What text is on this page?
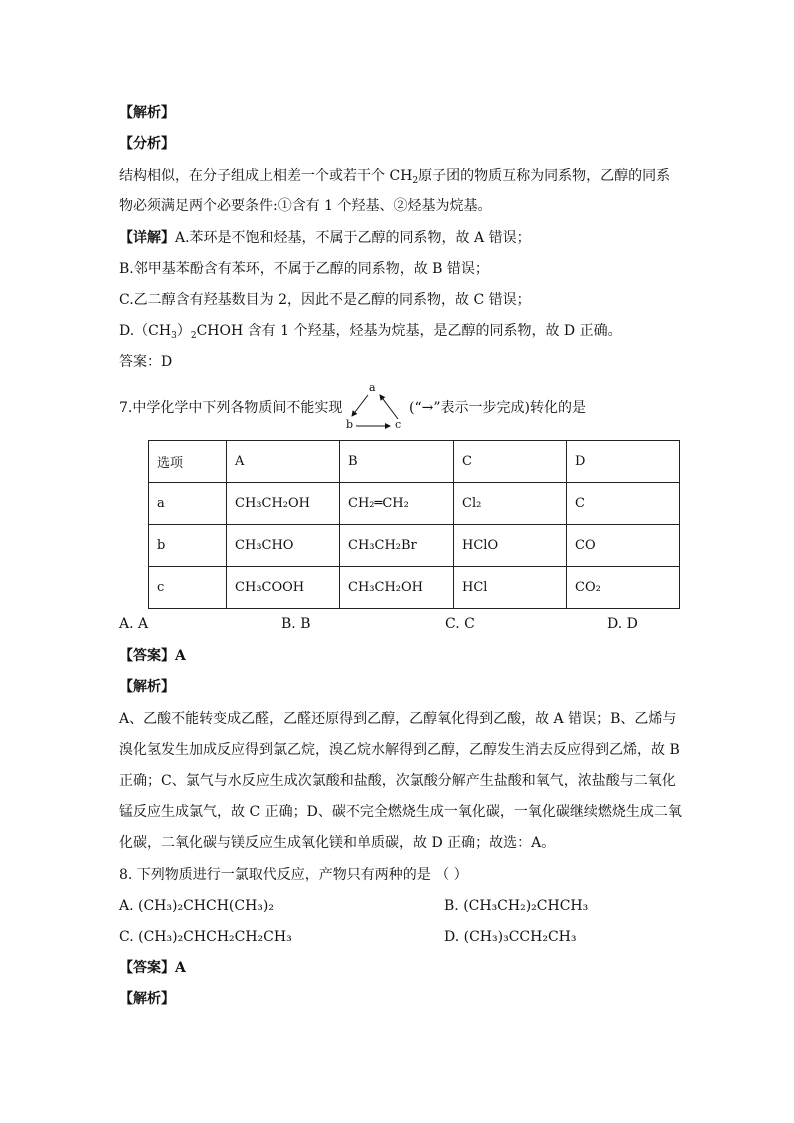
【解析】
【分析】
结构相似，在分子组成上相差一个或若干个 $CH_2$原子团的物质互称为同系物，乙醇的同系
物必须满足两个必要条件:①含有 1 个羟基、②烃基为烷基。
【详解】A.苯环是不饱和烃基，不属于乙醇的同系物，故 A 错误；
B.邻甲基苯酚含有苯环，不属于乙醇的同系物，故 B 错误；
C.乙二醇含有羟基数目为 2，因此不是乙醇的同系物，故 C 错误；
$D.(CH_3)_2CHOH$ 含有 1 个羟基，烃基为烷基，是乙醇的同系物，故 D 正确。
答案：D
7.中学化学中下列各物质间不能实现
a
b	c
(“→”表示一步完成)转化的是
选项	A	B	C	D
a	CH₃CH₂OH	CH₂═CH₂	Cl₂	C
b	CH₃CHO	CH₃CH₂Br	HClO	CO
c	CH₃COOH	CH₃CH₂OH	HCl	CO₂
A. A	B. B	C. C	D. D
【答案】A
【解析】
A、乙酸不能转变成乙醛，乙醛还原得到乙醇，乙醇氧化得到乙酸，故 A 错误；B、乙烯与
溴化氢发生加成反应得到氯乙烷，溴乙烷水解得到乙醇，乙醇发生消去反应得到乙烯，故 B
正确；C、氯气与水反应生成次氯酸和盐酸，次氯酸分解产生盐酸和氧气，浓盐酸与二氧化
锰反应生成氯气，故 C 正确；D、碳不完全燃烧生成一氧化碳，一氧化碳继续燃烧生成二氧
化碳，二氧化碳与镁反应生成氧化镁和单质碳，故 D 正确；故选：A。
8. 下列物质进行一氯取代反应，产物只有两种的是 （ ）
A. (CH₃)₂CHCH(CH₃)₂	B. (CH₃CH₂)₂CHCH₃
C. (CH₃)₂CHCH₂CH₂CH₃	D. (CH₃)₃CCH₂CH₃
【答案】A
【解析】
